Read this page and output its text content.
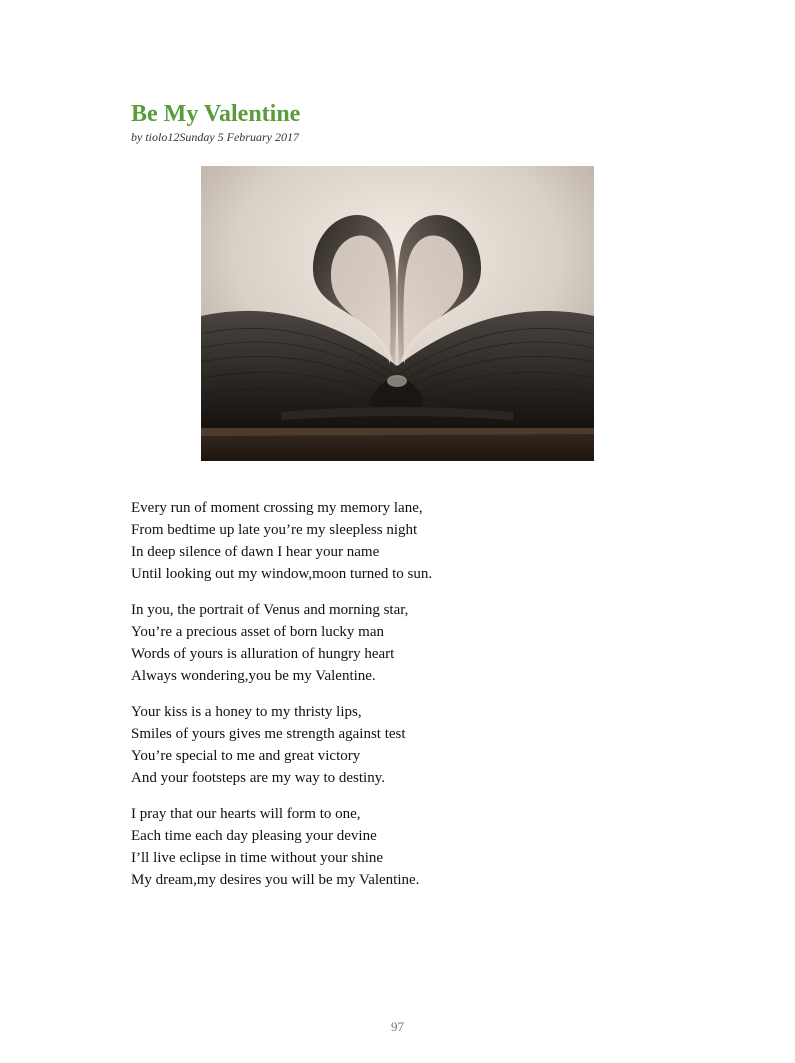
Be My Valentine

by tiolo12Sunday 5 February 2017

Every run of moment crossing my memory lane,
From bedtime up late you’re my sleepless night
In deep silence of dawn I hear your name
Until looking out my window,moon turned to sun.
In you, the portrait of Venus and morning star,
You’re a precious asset of born lucky man
Words of yours is alluration of hungry heart
Always wondering,you be my Valentine.
Your kiss is a honey to my thristy lips,
Smiles of yours gives me strength against test
You’re special to me and great victory
And your footsteps are my way to destiny.
I pray that our hearts will form to one,
Each time each day pleasing your devine
I’ll live eclipse in time without your shine
My dream,my desires you will be my Valentine.
97
